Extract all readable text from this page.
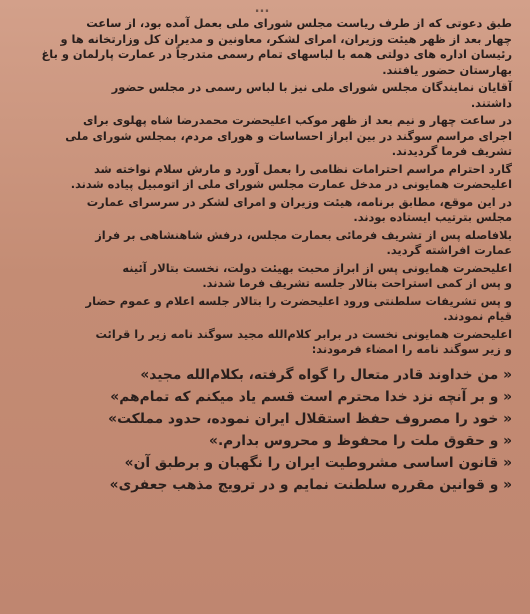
...
طبق دعوتی که از طرف ریاست مجلس شورای ملی بعمل آمده بود، از ساعت
چهار بعد از ظهر هیئت وزیران، امرای لشکر، معاونین و مدیران کل وزارتخانه ها و
رئیسان اداره های دولتی همه با لباسهای تمام رسمی متدرجاً در عمارت پارلمان و باغ
بهارستان حضور یافتند.
آقایان نمایندگان مجلس شورای ملی نیز با لباس رسمی در مجلس حضور
داشتند.
در ساعت چهار و نیم بعد از ظهر موکب اعلیحضرت محمدرضا شاه پهلوی برای
اجرای مراسم سوگند در بین ابراز احساسات و هورای مردم، بمجلس شورای ملی
تشریف فرما گردیدند.
گارد احترام مراسم احترامات نظامی را بعمل آورد و مارش سلام نواخته شد
اعلیحضرت همایونی در مدخل عمارت مجلس شورای ملی از اتومبیل پیاده شدند.
در این موقع، مطابق برنامه، هیئت وزیران و امرای لشکر در سرسرای عمارت
مجلس بترتیب ایستاده بودند.
بلافاصله پس از تشریف فرمائی بعمارت مجلس، درفش شاهنشاهی بر فراز
عمارت افراشته گردید.
اعلیحضرت همایونی پس از ابراز محبت بهیئت دولت، نخست بتالار آئینه
و پس از کمی استراحت بتالار جلسه تشریف فرما شدند.
و پس تشریفات سلطنتی ورود اعلیحضرت را بتالار جلسه اعلام و عموم حضار
قیام نمودند.
اعلیحضرت همایونی نخست در برابر کلام‌الله مجید سوگند نامه زیر را قرائت
و زیر سوگند نامه را امضاء فرمودند:
« من خداوند قادر متعال را گواه گرفته، بکلام‌الله مجید»
« و بر آنچه نزد خدا محترم است قسم یاد میکنم که تمام‌هم»
« خود را مصروف حفظ استقلال ایران نموده، حدود مملکت»
« و حقوق ملت را محفوظ و محروس بدارم.»
« قانون اساسی مشروطیت ایران را نگهبان و برطبق آن»
« و قوانین مقرره سلطنت نمایم و در ترویج مذهب جعفری»
